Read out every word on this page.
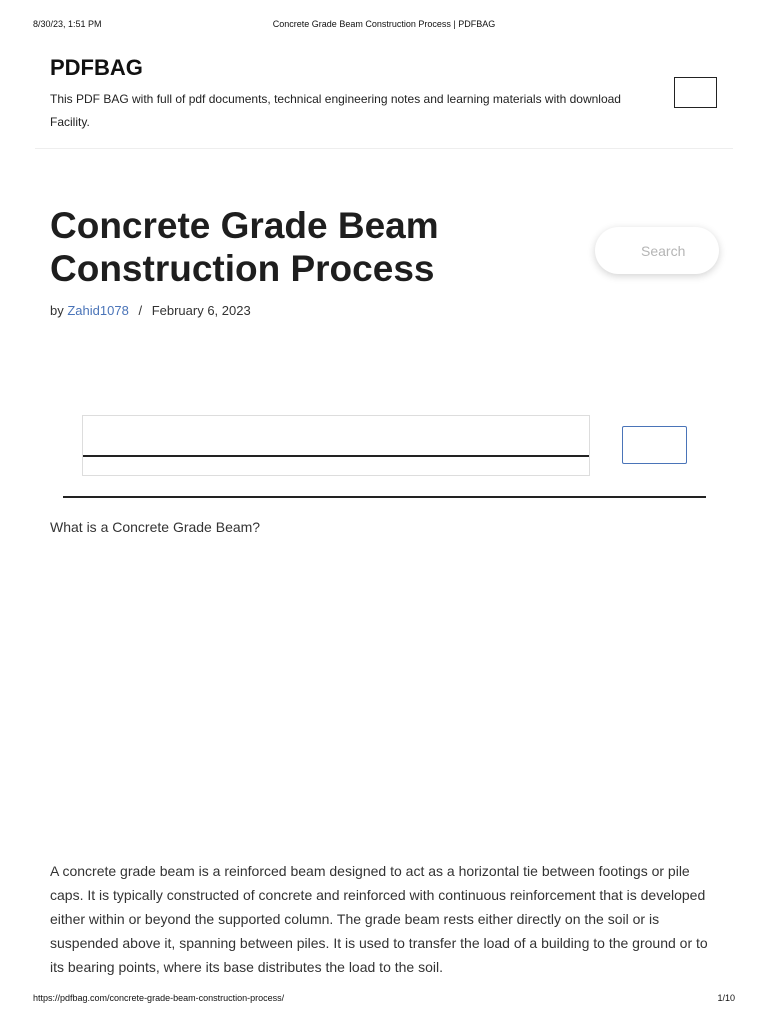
8/30/23, 1:51 PM	Concrete Grade Beam Construction Process | PDFBAG
PDFBAG
This PDF BAG with full of pdf documents, technical engineering notes and learning materials with download Facility.
Concrete Grade Beam Construction Process
Search
by Zahid1078 / February 6, 2023
What is a Concrete Grade Beam?

A concrete grade beam is a reinforced beam designed to act as a horizontal tie between footings or pile caps. It is typically constructed of concrete and reinforced with continuous reinforcement that is developed either within or beyond the supported column. The grade beam rests either directly on the soil or is suspended above it, spanning between piles. It is used to transfer the load of a building to the ground or to its bearing points, where its base distributes the load to the soil.

https://pdfbag.com/concrete-grade-beam-construction-process/	1/10
